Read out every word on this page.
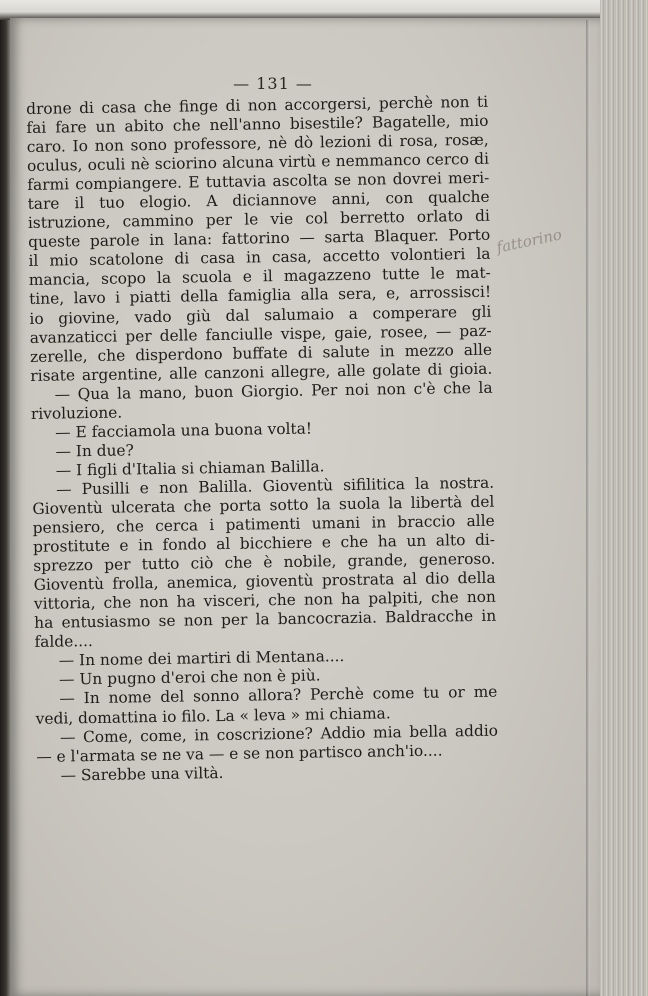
— 131 —
fattorino
drone di casa che finge di non accorgersi, perchè non ti
fai fare un abito che nell'anno bisestile? Bagatelle, mio
caro. Io non sono professore, nè dò lezioni di rosa, rosæ,
oculus, oculi nè sciorino alcuna virtù e nemmanco cerco di
farmi compiangere. E tuttavia ascolta se non dovrei meri-
tare il tuo elogio. A diciannove anni, con qualche
istruzione, cammino per le vie col berretto orlato di
queste parole in lana: fattorino — sarta Blaquer. Porto
il mio scatolone di casa in casa, accetto volontieri la
mancia, scopo la scuola e il magazzeno tutte le mat-
tine, lavo i piatti della famiglia alla sera, e, arrossisci!
io giovine, vado giù dal salumaio a comperare gli
avanzaticci per delle fanciulle vispe, gaie, rosee, — paz-
zerelle, che disperdono buffate di salute in mezzo alle
risate argentine, alle canzoni allegre, alle golate di gioia.
— Qua la mano, buon Giorgio. Per noi non c'è che la
rivoluzione.
— E facciamola una buona volta!
— In due?
— I figli d'Italia si chiaman Balilla.
— Pusilli e non Balilla. Gioventù sifilitica la nostra.
Gioventù ulcerata che porta sotto la suola la libertà del
pensiero, che cerca i patimenti umani in braccio alle
prostitute e in fondo al bicchiere e che ha un alto di-
sprezzo per tutto ciò che è nobile, grande, generoso.
Gioventù frolla, anemica, gioventù prostrata al dio della
vittoria, che non ha visceri, che non ha palpiti, che non
ha entusiasmo se non per la bancocrazia. Baldracche in
falde....
— In nome dei martiri di Mentana....
— Un pugno d'eroi che non è più.
— In nome del sonno allora? Perchè come tu or me
vedi, domattina io filo. La « leva » mi chiama.
— Come, come, in coscrizione? Addio mia bella addio
— e l'armata se ne va — e se non partisco anch'io....
— Sarebbe una viltà.
